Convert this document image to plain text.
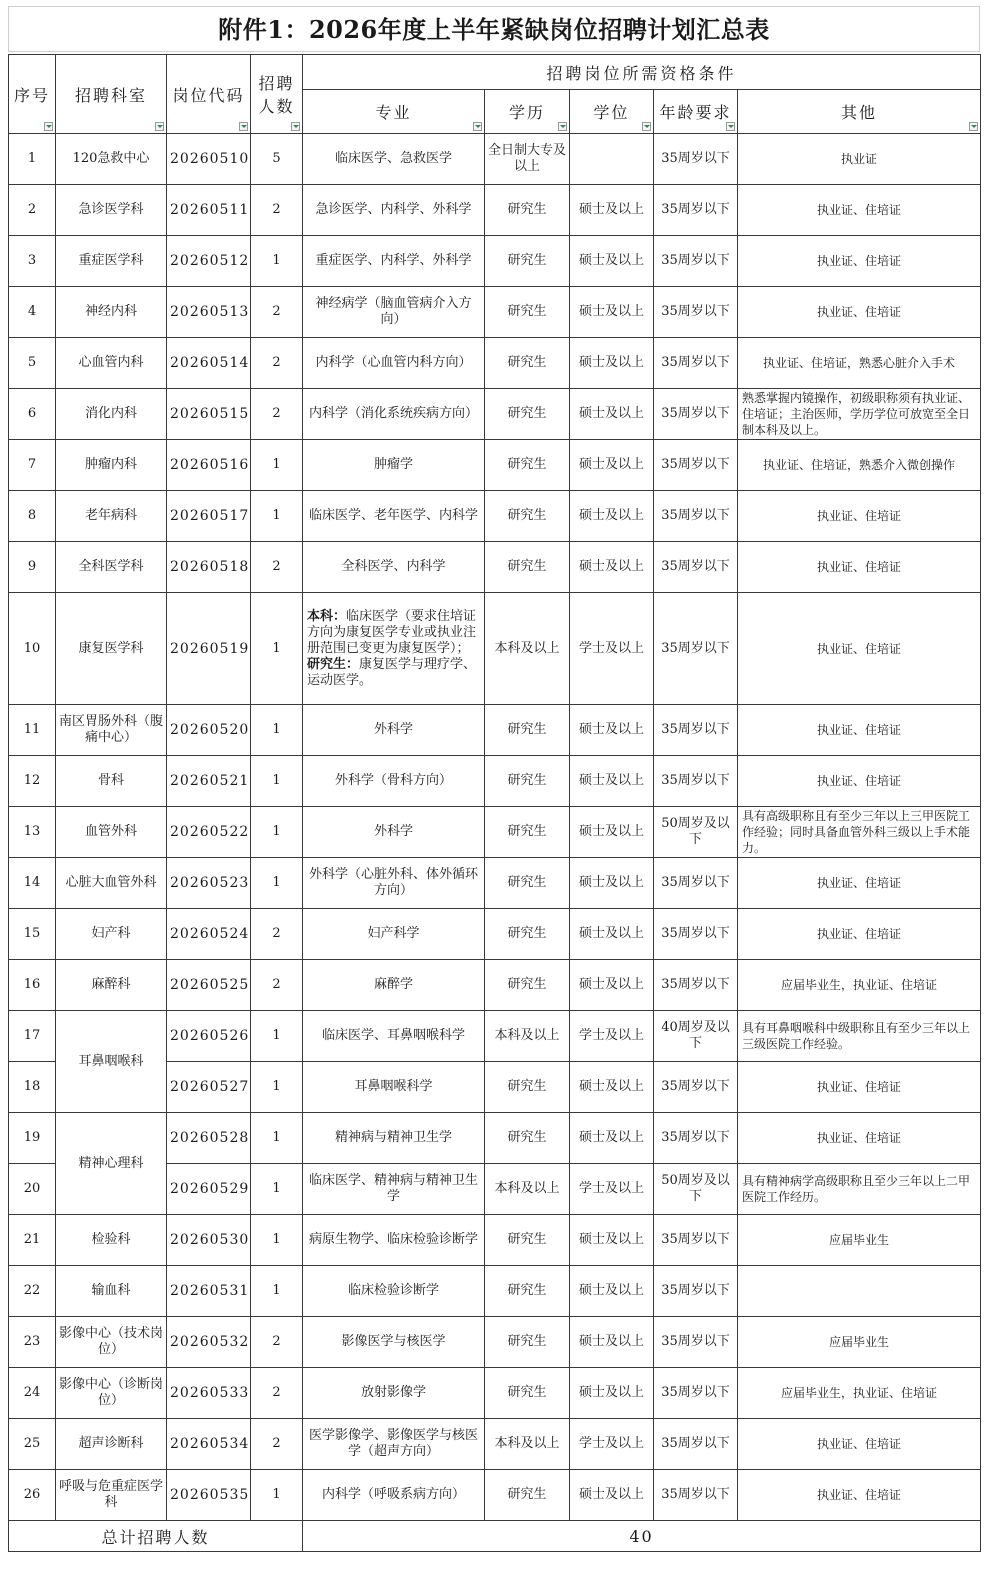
附件1：2026年度上半年紧缺岗位招聘计划汇总表
序号	招聘科室	岗位代码	招聘人数	招聘岗位所需资格条件				
				专业	学历	学位	年龄要求	其他

1	120急救中心	20260510	5	临床医学、急救医学	全日制大专及以上		35周岁以下	执业证
2	急诊医学科	20260511	2	急诊医学、内科学、外科学	研究生	硕士及以上	35周岁以下	执业证、住培证
3	重症医学科	20260512	1	重症医学、内科学、外科学	研究生	硕士及以上	35周岁以下	执业证、住培证
4	神经内科	20260513	2	神经病学（脑血管病介入方向）	研究生	硕士及以上	35周岁以下	执业证、住培证
5	心血管内科	20260514	2	内科学（心血管内科方向）	研究生	硕士及以上	35周岁以下	执业证、住培证，熟悉心脏介入手术
6	消化内科	20260515	2	内科学（消化系统疾病方向）	研究生	硕士及以上	35周岁以下	熟悉掌握内镜操作，初级职称须有执业证、住培证；主治医师，学历学位可放宽至全日制本科及以上。
7	肿瘤内科	20260516	1	肿瘤学	研究生	硕士及以上	35周岁以下	执业证、住培证，熟悉介入微创操作
8	老年病科	20260517	1	临床医学、老年医学、内科学	研究生	硕士及以上	35周岁以下	执业证、住培证
9	全科医学科	20260518	2	全科医学、内科学	研究生	硕士及以上	35周岁以下	执业证、住培证
10	康复医学科	20260519	1	本科：临床医学（要求住培证方向为康复医学专业或执业注册范围已变更为康复医学）；
研究生：康复医学与理疗学、运动医学。	本科及以上	学士及以上	35周岁以下	执业证、住培证
11	南区胃肠外科（腹痛中心）	20260520	1	外科学	研究生	硕士及以上	35周岁以下	执业证、住培证
12	骨科	20260521	1	外科学（骨科方向）	研究生	硕士及以上	35周岁以下	执业证、住培证
13	血管外科	20260522	1	外科学	研究生	硕士及以上	50周岁及以下	具有高级职称且有至少三年以上三甲医院工作经验；同时具备血管外科三级以上手术能力。
14	心脏大血管外科	20260523	1	外科学（心脏外科、体外循环方向）	研究生	硕士及以上	35周岁以下	执业证、住培证
15	妇产科	20260524	2	妇产科学	研究生	硕士及以上	35周岁以下	执业证、住培证
16	麻醉科	20260525	2	麻醉学	研究生	硕士及以上	35周岁以下	应届毕业生，执业证、住培证
17	耳鼻咽喉科	20260526	1	临床医学、耳鼻咽喉科学	本科及以上	学士及以上	40周岁及以下	具有耳鼻咽喉科中级职称且有至少三年以上三级医院工作经验。
18		20260527	1	耳鼻咽喉科学	研究生	硕士及以上	35周岁以下	执业证、住培证
19	精神心理科	20260528	1	精神病与精神卫生学	研究生	硕士及以上	35周岁以下	执业证、住培证
20		20260529	1	临床医学、精神病与精神卫生学	本科及以上	学士及以上	50周岁及以下	具有精神病学高级职称且至少三年以上二甲医院工作经历。
21	检验科	20260530	1	病原生物学、临床检验诊断学	研究生	硕士及以上	35周岁以下	应届毕业生
22	输血科	20260531	1	临床检验诊断学	研究生	硕士及以上	35周岁以下	
23	影像中心（技术岗位）	20260532	2	影像医学与核医学	研究生	硕士及以上	35周岁以下	应届毕业生
24	影像中心（诊断岗位）	20260533	2	放射影像学	研究生	硕士及以上	35周岁以下	应届毕业生，执业证、住培证
25	超声诊断科	20260534	2	医学影像学、影像医学与核医学（超声方向）	本科及以上	学士及以上	35周岁以下	执业证、住培证
26	呼吸与危重症医学科	20260535	1	内科学（呼吸系病方向）	研究生	硕士及以上	35周岁以下	执业证、住培证
总计招聘人数				40				
